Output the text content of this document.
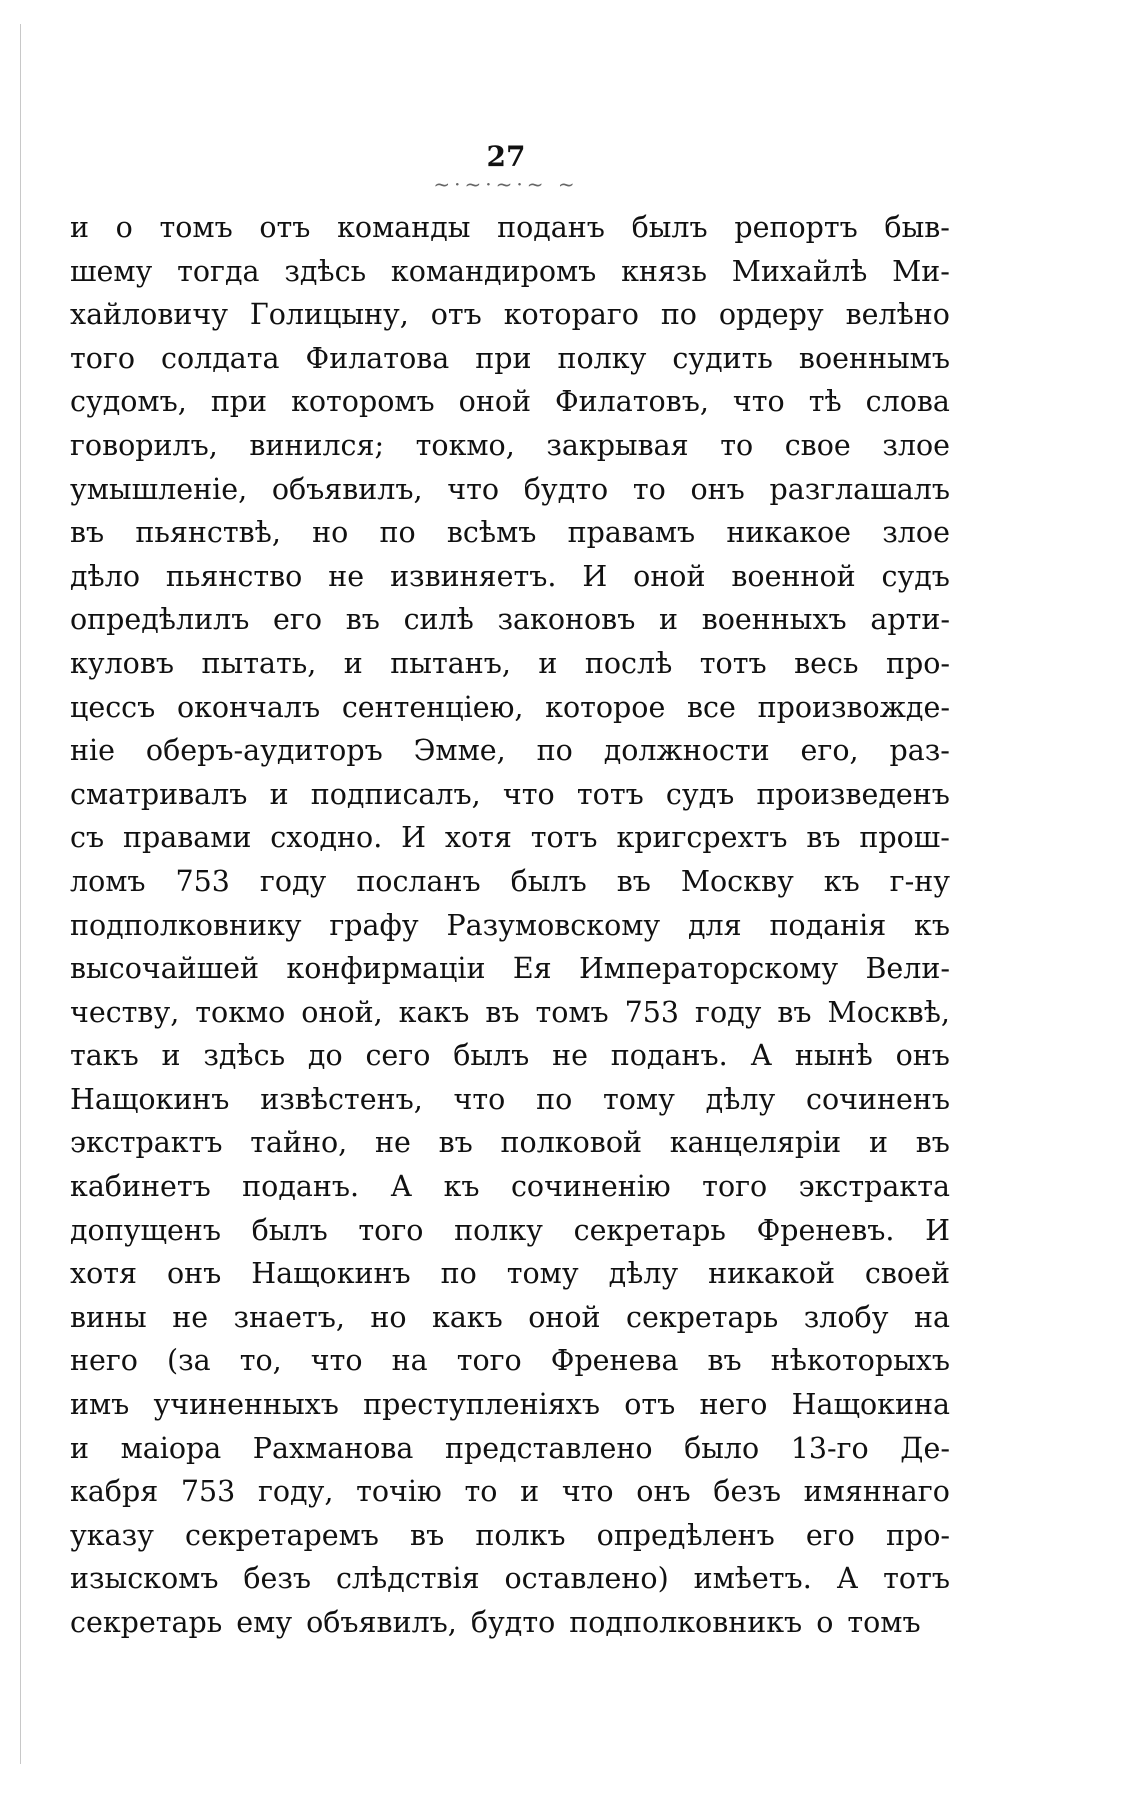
27
~·~·~·~ ~
и о томъ отъ команды поданъ былъ репортъ быв-
шему тогда здѣсь командиромъ князь Михайлѣ Ми-
хайловичу Голицыну, отъ котораго по ордеру велѣно
того солдата Филатова при полку судить военнымъ
судомъ, при которомъ оной Филатовъ, что тѣ слова
говорилъ, винился; токмо, закрывая то свое злое
умышленіе, объявилъ, что будто то онъ разглашалъ
въ пьянствѣ, но по всѣмъ правамъ никакое злое
дѣло пьянство не извиняетъ. И оной военной судъ
опредѣлилъ его въ силѣ законовъ и военныхъ арти-
куловъ пытать, и пытанъ, и послѣ тотъ весь про-
цессъ окончалъ сентенціею, которое все произвожде-
ніе оберъ-аудиторъ Эмме, по должности его, раз-
сматривалъ и подписалъ, что тотъ судъ произведенъ
съ правами сходно. И хотя тотъ кригсрехтъ въ прош-
ломъ 753 году посланъ былъ въ Москву къ г-ну
подполковнику графу Разумовскому для поданія къ
высочайшей конфирмаціи Ея Императорскому Вели-
честву, токмо оной, какъ въ томъ 753 году въ Москвѣ,
такъ и здѣсь до сего былъ не поданъ. А нынѣ онъ
Нащокинъ извѣстенъ, что по тому дѣлу сочиненъ
экстрактъ тайно, не въ полковой канцеляріи и въ
кабинетъ поданъ. А къ сочиненію того экстракта
допущенъ былъ того полку секретарь Френевъ. И
хотя онъ Нащокинъ по тому дѣлу никакой своей
вины не знаетъ, но какъ оной секретарь злобу на
него (за то, что на того Френева въ нѣкоторыхъ
имъ учиненныхъ преступленіяхъ отъ него Нащокина
и маіора Рахманова представлено было 13-го Де-
кабря 753 году, точію то и что онъ безъ имяннаго
указу секретаремъ въ полкъ опредѣленъ его про-
изыскомъ безъ слѣдствія оставлено) имѣетъ. А тотъ
секретарь ему объявилъ, будто подполковникъ о томъ
